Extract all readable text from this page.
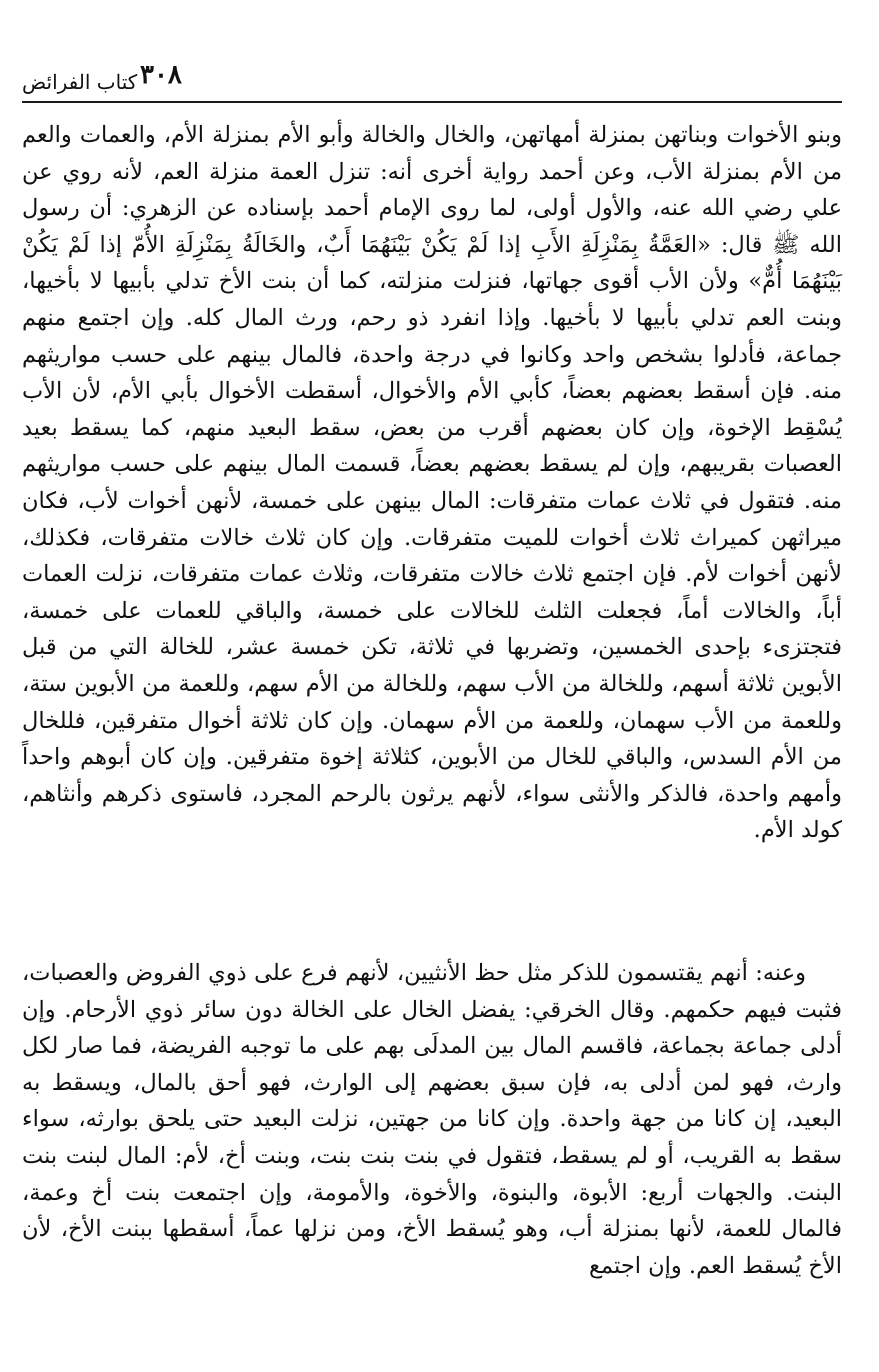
٣٠٨
كتاب الفرائض

وبنو الأخوات وبناتهن بمنزلة أمهاتهن، والخال والخالة وأبو الأم بمنزلة الأم، والعمات والعم من الأم بمنزلة الأب، وعن أحمد رواية أخرى أنه: تنزل العمة منزلة العم، لأنه روي عن علي رضي الله عنه، والأول أولى، لما روى الإمام أحمد بإسناده عن الزهري: أن رسول الله ﷺ قال: «العَمَّةُ بِمَنْزِلَةِ الأَبِ إذا لَمْ يَكُنْ بَيْنَهُمَا أَبٌ، والخَالَةُ بِمَنْزِلَةِ الأُمّ إذا لَمْ يَكُنْ بَيْنَهُمَا أُمٌّ» ولأن الأب أقوى جهاتها، فنزلت منزلته، كما أن بنت الأخ تدلي بأبيها لا بأخيها، وبنت العم تدلي بأبيها لا بأخيها. وإذا انفرد ذو رحم، ورث المال كله. وإن اجتمع منهم جماعة، فأدلوا بشخص واحد وكانوا في درجة واحدة، فالمال بينهم على حسب مواريثهم منه. فإن أسقط بعضهم بعضاً، كأبي الأم والأخوال، أسقطت الأخوال بأبي الأم، لأن الأب يُسْقِط الإخوة، وإن كان بعضهم أقرب من بعض، سقط البعيد منهم، كما يسقط بعيد العصبات بقريبهم، وإن لم يسقط بعضهم بعضاً، قسمت المال بينهم على حسب مواريثهم منه. فتقول في ثلاث عمات متفرقات: المال بينهن على خمسة، لأنهن أخوات لأب، فكان ميراثهن كميراث ثلاث أخوات للميت متفرقات. وإن كان ثلاث خالات متفرقات، فكذلك، لأنهن أخوات لأم. فإن اجتمع ثلاث خالات متفرقات، وثلاث عمات متفرقات، نزلت العمات أباً، والخالات أماً، فجعلت الثلث للخالات على خمسة، والباقي للعمات على خمسة، فتجتزىء بإحدى الخمسين، وتضربها في ثلاثة، تكن خمسة عشر، للخالة التي من قبل الأبوين ثلاثة أسهم، وللخالة من الأب سهم، وللخالة من الأم سهم، وللعمة من الأبوين ستة، وللعمة من الأب سهمان، وللعمة من الأم سهمان. وإن كان ثلاثة أخوال متفرقين، فللخال من الأم السدس، والباقي للخال من الأبوين، كثلاثة إخوة متفرقين. وإن كان أبوهم واحداً وأمهم واحدة، فالذكر والأنثى سواء، لأنهم يرثون بالرحم المجرد، فاستوى ذكرهم وأنثاهم، كولد الأم.

وعنه: أنهم يقتسمون للذكر مثل حظ الأنثيين، لأنهم فرع على ذوي الفروض والعصبات، فثبت فيهم حكمهم. وقال الخرقي: يفضل الخال على الخالة دون سائر ذوي الأرحام. وإن أدلى جماعة بجماعة، فاقسم المال بين المدلَى بهم على ما توجبه الفريضة، فما صار لكل وارث، فهو لمن أدلى به، فإن سبق بعضهم إلى الوارث، فهو أحق بالمال، ويسقط به البعيد، إن كانا من جهة واحدة. وإن كانا من جهتين، نزلت البعيد حتى يلحق بوارثه، سواء سقط به القريب، أو لم يسقط، فتقول في بنت بنت بنت، وبنت أخ، لأم: المال لبنت بنت البنت. والجهات أربع: الأبوة، والبنوة، والأخوة، والأمومة، وإن اجتمعت بنت أخ وعمة، فالمال للعمة، لأنها بمنزلة أب، وهو يُسقط الأخ، ومن نزلها عماً، أسقطها ببنت الأخ، لأن الأخ يُسقط العم. وإن اجتمع
